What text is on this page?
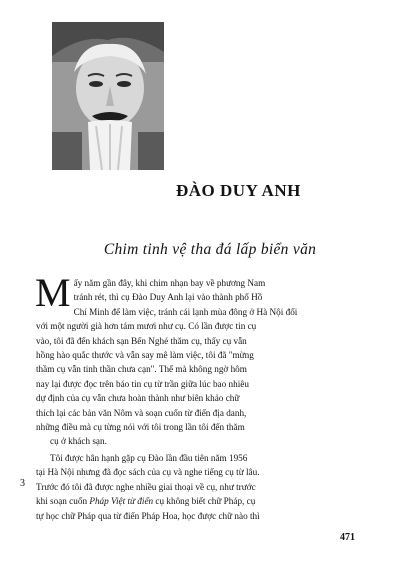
ĐÀO DUY ANH
Chim tinh vệ tha đá lấp biển văn

M ấy năm gần đây, khi chim nhạn bay về phương Nam
tránh rét, thì cụ Đào Duy Anh lại vào thành phố Hồ
Chí Minh để làm việc, tránh cái lạnh mùa đông ở Hà Nội đối
với một người già hơn tám mươi như cụ. Có lần được tin cụ
vào, tôi đã đến khách sạn Bến Nghé thăm cụ, thấy cụ vẫn
hồng hào quắc thước và vẫn say mê làm việc, tôi đã "mừng
thầm cụ vẫn tinh thần chưa cạn". Thế mà không ngờ hôm
nay lại được đọc trên báo tin cụ từ trần giữa lúc bao nhiêu
dự định của cụ vẫn chưa hoàn thành như biên khảo chữ
thích lại các bản văn Nôm và soạn cuốn từ điển địa danh,
những điều mà cụ từng nói với tôi trong lần tôi đến thăm
cụ ở khách sạn.

Tôi được hân hạnh gặp cụ Đào lần đầu tiên năm 1956
tại Hà Nội nhưng đã đọc sách của cụ và nghe tiếng cụ từ lâu.
Trước đó tôi đã được nghe nhiều giai thoại về cụ, như trước
khi soạn cuốn Pháp Việt từ điển cụ không biết chữ Pháp, cụ
tự học chữ Pháp qua từ điển Pháp Hoa, học được chữ nào thì

3
471
